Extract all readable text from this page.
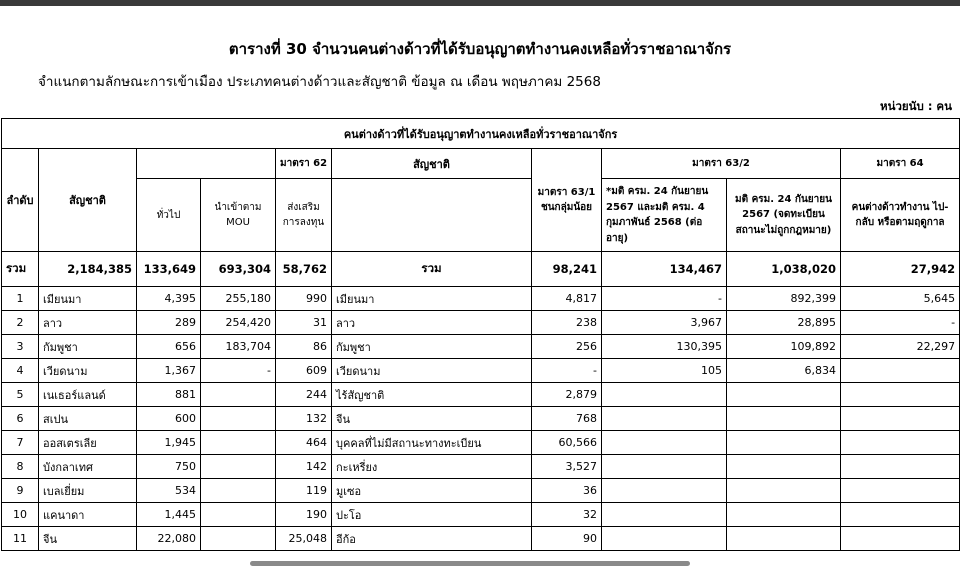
ตารางที่ 30 จำนวนคนต่างด้าวที่ได้รับอนุญาตทำงานคงเหลือทั่วราชอาณาจักร
จำแนกตามลักษณะการเข้าเมือง ประเภทคนต่างด้าวและสัญชาติ ข้อมูล ณ เดือน พฤษภาคม 2568
หน่วยนับ : คน
คนต่างด้าวที่ได้รับอนุญาตทำงานคงเหลือทั่วราชอาณาจักร									
ลำดับ	สัญชาติ			มาตรา 62	สัญชาติ	มาตรา 63/1 ชนกลุ่มน้อย	มาตรา 63/2		มาตรา 64
		ทั่วไป	นำเข้าตาม MOU	ส่งเสริมการลงทุน			*มติ ครม. 24 กันยายน 2567 และมติ ครม. 4 กุมภาพันธ์ 2568 (ต่ออายุ)	มติ ครม. 24 กันยายน 2567 (จดทะเบียนสถานะไม่ถูกกฎหมาย)	คนต่างด้าวทำงาน ไป-กลับ หรือตามฤดูกาล
รวม	2,184,385	133,649	693,304	58,762	รวม	98,241	134,467	1,038,020	27,942
1	เมียนมา	4,395	255,180	990	เมียนมา	4,817	-	892,399	5,645
2	ลาว	289	254,420	31	ลาว	238	3,967	28,895	-
3	กัมพูชา	656	183,704	86	กัมพูชา	256	130,395	109,892	22,297
4	เวียดนาม	1,367	-	609	เวียดนาม	-	105	6,834	
5	เนเธอร์แลนด์	881		244	ไร้สัญชาติ	2,879			
6	สเปน	600		132	จีน	768			
7	ออสเตรเลีย	1,945		464	บุคคลที่ไม่มีสถานะทางทะเบียน	60,566			
8	บังกลาเทศ	750		142	กะเหรี่ยง	3,527			
9	เบลเยี่ยม	534		119	มูเซอ	36			
10	แคนาดา	1,445		190	ปะโอ	32			
11	จีน	22,080		25,048	อีก้อ	90			
